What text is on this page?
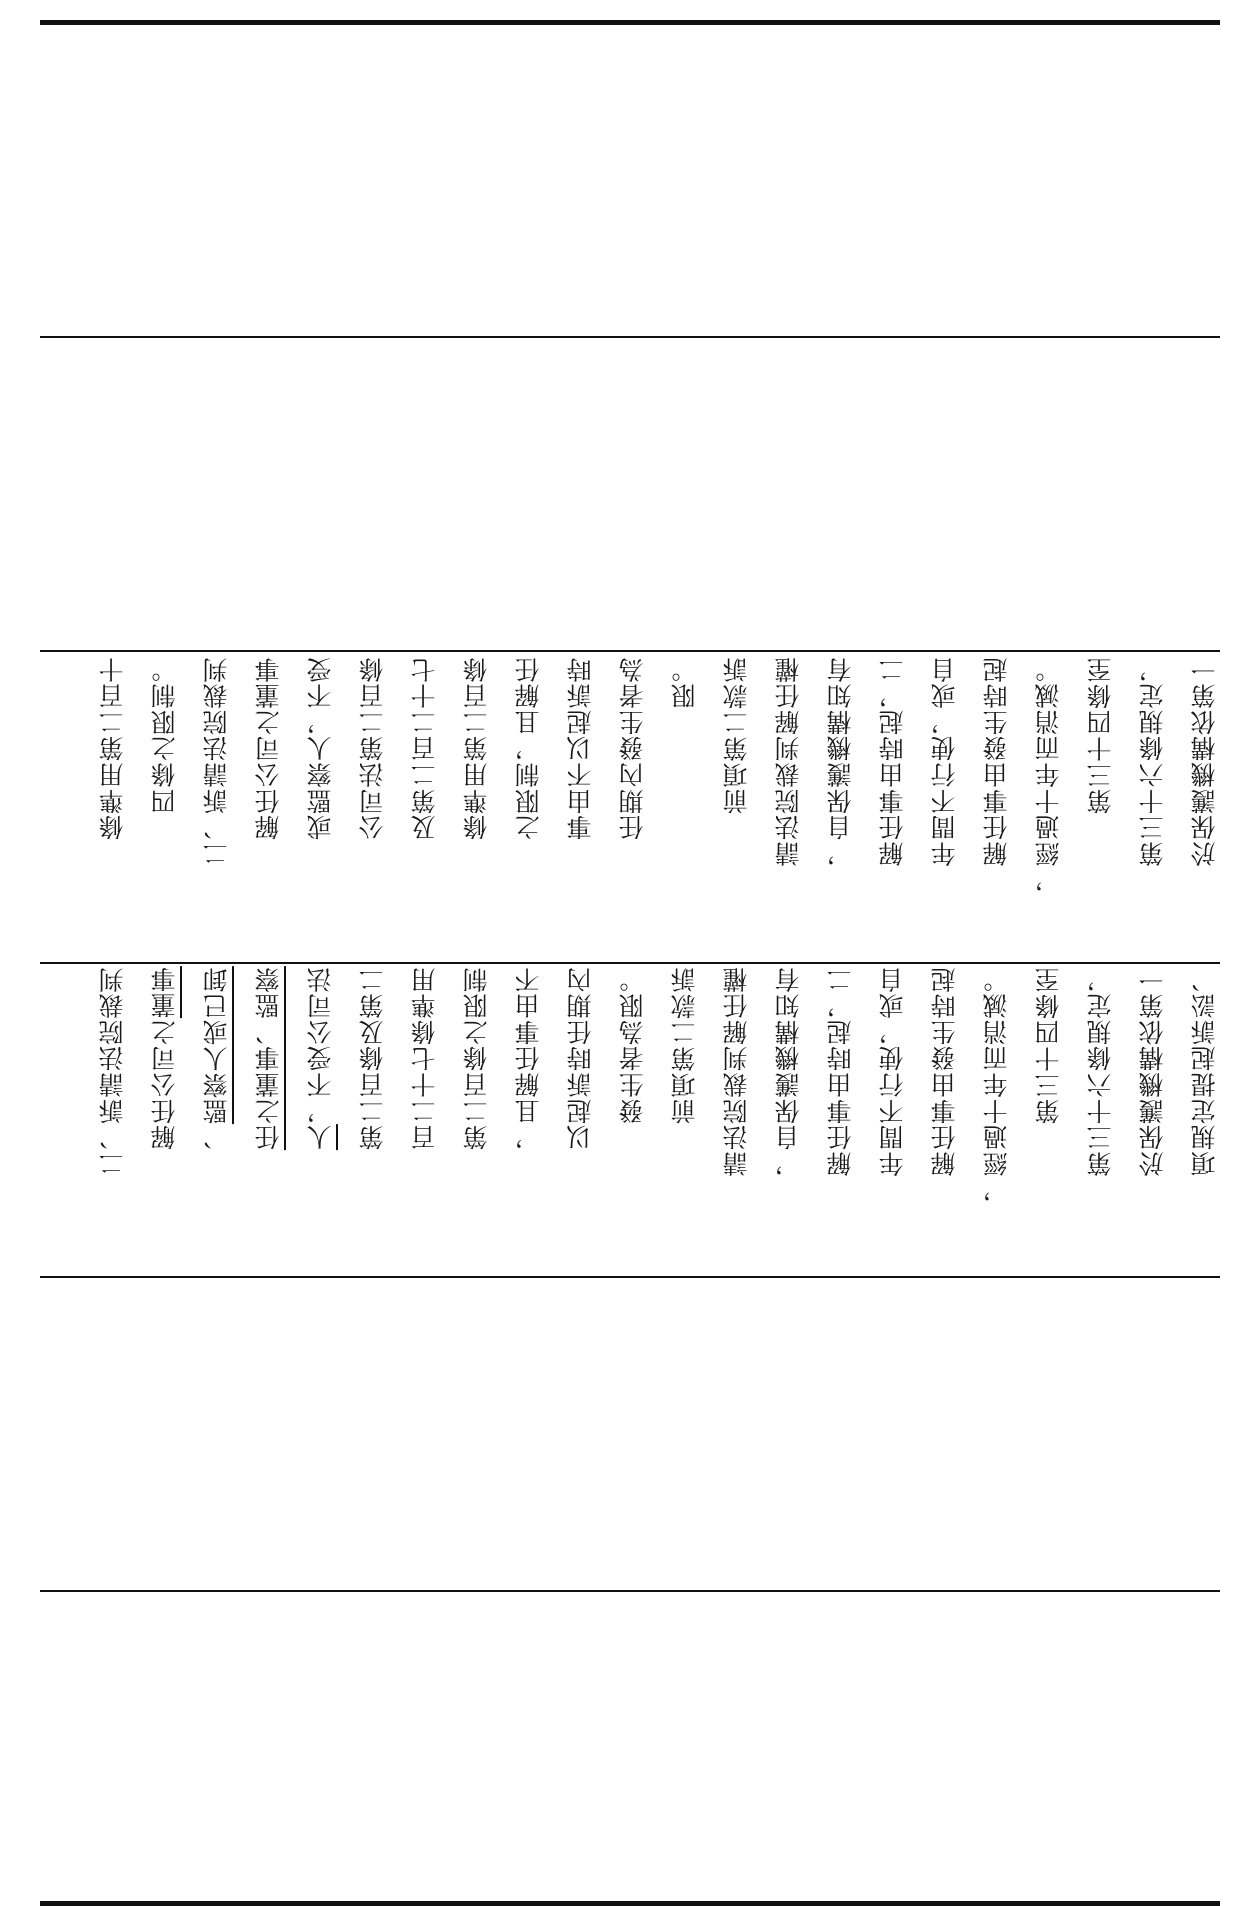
條準用第二百十 四條之限制。 二、訴請法院裁判 解任公司之董事 或監察人，不受 公司法第二百條 及第二百二十七 條準用第二百條 之限制，且解任 事由不以起訴時 任期內發生者為 限。 前項第二款訴 請法院裁判解任權 ，自保護機構知有 解任事由時起，二 年間不行使，或自 解任事由發生時起 ，經過十年而消滅。 第三十四條至 第三十六條規定， 於保護機構依第一
二、訴請法院裁判 解任公司之董事
、監察人或已卸 任之董事、監察 人，不受公司法 第二百條及第二 百二十七條準用 第二百條之限制 ，且解任事由不 以起訴時任期內 發生者為限。 前項第二款訴 請法院裁判解任權 ，自保護機構知有 解任事由時起，二 年間不行使，或自 解任事由發生時起 ，經過十年而消滅。 第三十四條至 第三十六條規定， 於保護機構依第一 項規定提起訴訟、
